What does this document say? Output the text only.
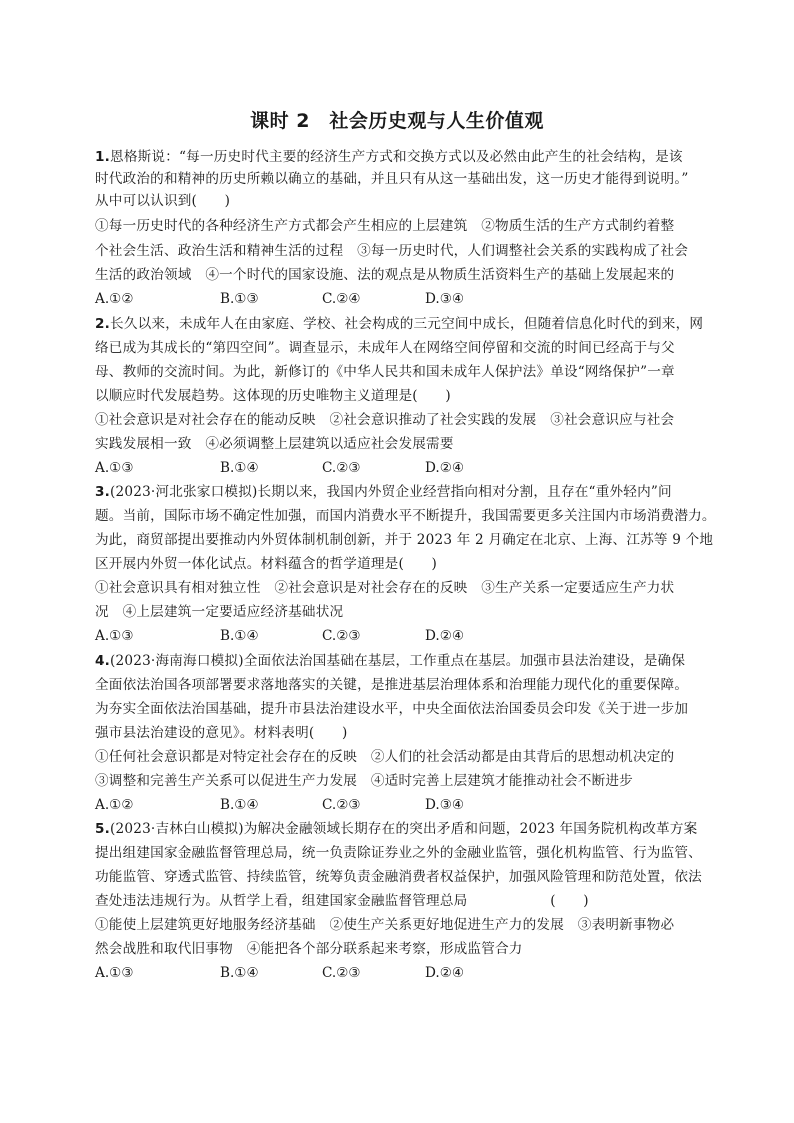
课时 2　社会历史观与人生价值观
1.恩格斯说：“每一历史时代主要的经济生产方式和交换方式以及必然由此产生的社会结构，是该
时代政治的和精神的历史所赖以确立的基础，并且只有从这一基础出发，这一历史才能得到说明。”
从中可以认识到(　　)
①每一历史时代的各种经济生产方式都会产生相应的上层建筑　②物质生活的生产方式制约着整
个社会生活、政治生活和精神生活的过程　③每一历史时代，人们调整社会关系的实践构成了社会
生活的政治领域　④一个时代的国家设施、法的观点是从物质生活资料生产的基础上发展起来的
A.①②	B.①③	C.②④	D.③④
2.长久以来，未成年人在由家庭、学校、社会构成的三元空间中成长，但随着信息化时代的到来，网
络已成为其成长的“第四空间”。调查显示，未成年人在网络空间停留和交流的时间已经高于与父
母、教师的交流时间。为此，新修订的《中华人民共和国未成年人保护法》单设“网络保护”一章
以顺应时代发展趋势。这体现的历史唯物主义道理是(　　)
①社会意识是对社会存在的能动反映　②社会意识推动了社会实践的发展　③社会意识应与社会
实践发展相一致　④必须调整上层建筑以适应社会发展需要
A.①③	B.①④	C.②③	D.②④
3.(2023·河北张家口模拟)长期以来，我国内外贸企业经营指向相对分割，且存在“重外轻内”问
题。当前，国际市场不确定性加强，而国内消费水平不断提升，我国需要更多关注国内市场消费潜力。
为此，商贸部提出要推动内外贸体制机制创新，并于 2023 年 2 月确定在北京、上海、江苏等 9 个地
区开展内外贸一体化试点。材料蕴含的哲学道理是(　　)
①社会意识具有相对独立性　②社会意识是对社会存在的反映　③生产关系一定要适应生产力状
况　④上层建筑一定要适应经济基础状况
A.①③	B.①④	C.②③	D.②④
4.(2023·海南海口模拟)全面依法治国基础在基层，工作重点在基层。加强市县法治建设，是确保
全面依法治国各项部署要求落地落实的关键，是推进基层治理体系和治理能力现代化的重要保障。
为夯实全面依法治国基础，提升市县法治建设水平，中央全面依法治国委员会印发《关于进一步加
强市县法治建设的意见》。材料表明(　　)
①任何社会意识都是对特定社会存在的反映　②人们的社会活动都是由其背后的思想动机决定的
③调整和完善生产关系可以促进生产力发展　④适时完善上层建筑才能推动社会不断进步
A.①②	B.①④	C.②③	D.③④
5.(2023·吉林白山模拟)为解决金融领域长期存在的突出矛盾和问题，2023 年国务院机构改革方案
提出组建国家金融监督管理总局，统一负责除证券业之外的金融业监管，强化机构监管、行为监管、
功能监管、穿透式监管、持续监管，统筹负责金融消费者权益保护，加强风险管理和防范处置，依法
查处违法违规行为。从哲学上看，组建国家金融监督管理总局　　　　　　(　　)
①能使上层建筑更好地服务经济基础　②使生产关系更好地促进生产力的发展　③表明新事物必
然会战胜和取代旧事物　④能把各个部分联系起来考察，形成监管合力
A.①③	B.①④	C.②③	D.②④
